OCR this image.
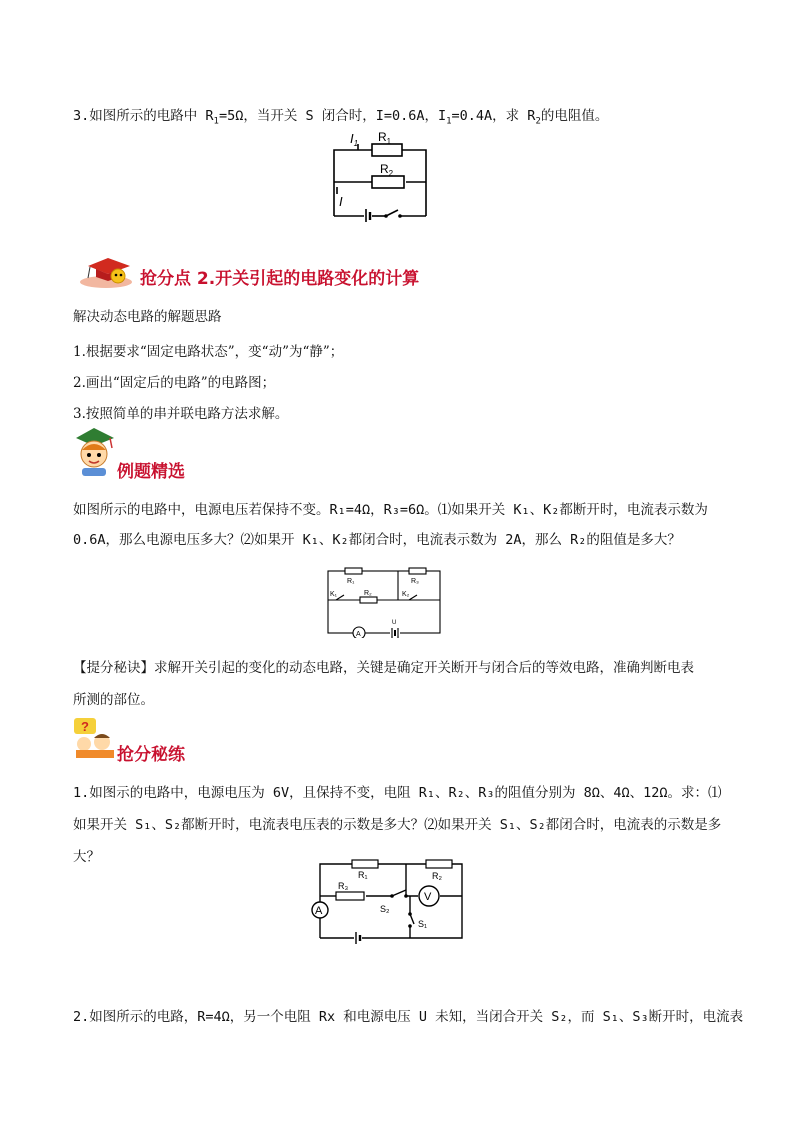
3.如图所示的电路中 $R_1=5\Omega$，当开关 S 闭合时，I=0.6A，$I_1=0.4A$，求 $R_2$的电阻值。
$I_1$ $R_1$
$R_2$
I
抢分点 2.开关引起的电路变化的计算
解决动态电路的解题思路
1.根据要求“固定电路状态”，变“动”为“静”；
2.画出“固定后的电路”的电路图；
3.按照简单的串并联电路方法求解。
例题精选
如图所示的电路中，电源电压若保持不变。R₁=4Ω，R₃=6Ω。⑴如果开关 K₁、K₂都断开时，电流表示数为
0.6A，那么电源电压多大？⑵如果开 K₁、K₂都闭合时，电流表示数为 2A，那么 R₂的阻值是多大？
R₁	R₃
K₁	R₂	K₂
A
U
【提分秘诀】求解开关引起的变化的动态电路，关键是确定开关断开与闭合后的等效电路，准确判断电表
所测的部位。
?
抢分秘练
1.如图示的电路中，电源电压为 6V，且保持不变，电阻 R₁、R₂、R₃的阻值分别为 8Ω、4Ω、12Ω。求：⑴
如果开关 S₁、S₂都断开时，电流表电压表的示数是多大？⑵如果开关 S₁、S₂都闭合时，电流表的示数是多
大？
R₁	R₂
R₃
S₂
S₁
A
V
2.如图所示的电路，R=4Ω，另一个电阻 Rx 和电源电压 U 未知，当闭合开关 S₂，而 S₁、S₃断开时，电流表
